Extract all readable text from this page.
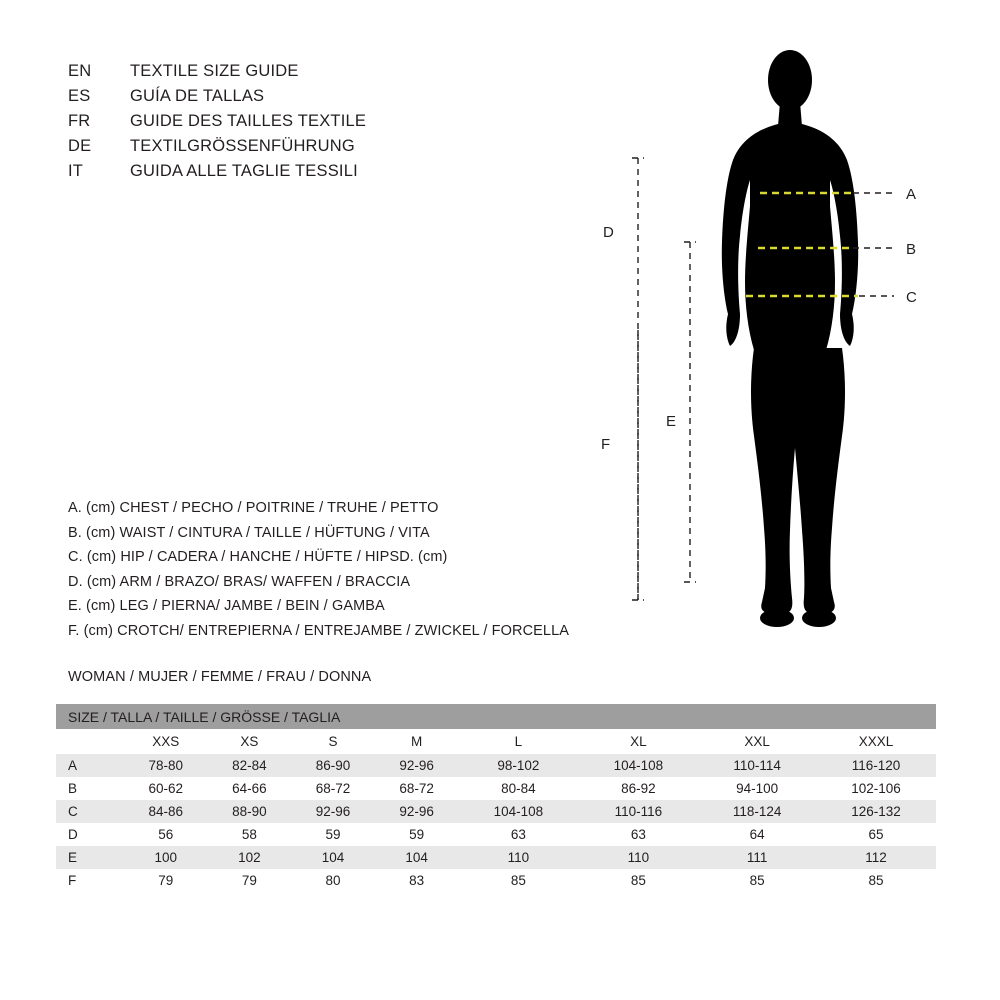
EN	TEXTILE SIZE GUIDE
ES	GUÍA DE TALLAS
FR	GUIDE DES TAILLES TEXTILE
DE	TEXTILGRÖSSENFÜHRUNG
IT	GUIDA ALLE TAGLIE TESSILI
A. (cm) CHEST / PECHO / POITRINE / TRUHE / PETTO
B. (cm) WAIST / CINTURA / TAILLE / HÜFTUNG / VITA
C. (cm) HIP / CADERA / HANCHE / HÜFTE / HIPSD. (cm)
D. (cm) ARM / BRAZO/ BRAS/ WAFFEN / BRACCIA
E. (cm) LEG / PIERNA/ JAMBE / BEIN / GAMBA
F. (cm) CROTCH/ ENTREPIERNA / ENTREJAMBE / ZWICKEL / FORCELLA
WOMAN / MUJER / FEMME / FRAU / DONNA
SIZE / TALLA / TAILLE / GRÖSSE / TAGLIA								
	XXS	XS	S	M	L	XL	XXL	XXXL
A	78-80	82-84	86-90	92-96	98-102	104-108	110-114	116-120
B	60-62	64-66	68-72	68-72	80-84	86-92	94-100	102-106
C	84-86	88-90	92-96	92-96	104-108	110-116	118-124	126-132
D	56	58	59	59	63	63	64	65
E	100	102	104	104	110	110	111	112
F	79	79	80	83	85	85	85	85
A
B
C
D
E
F
